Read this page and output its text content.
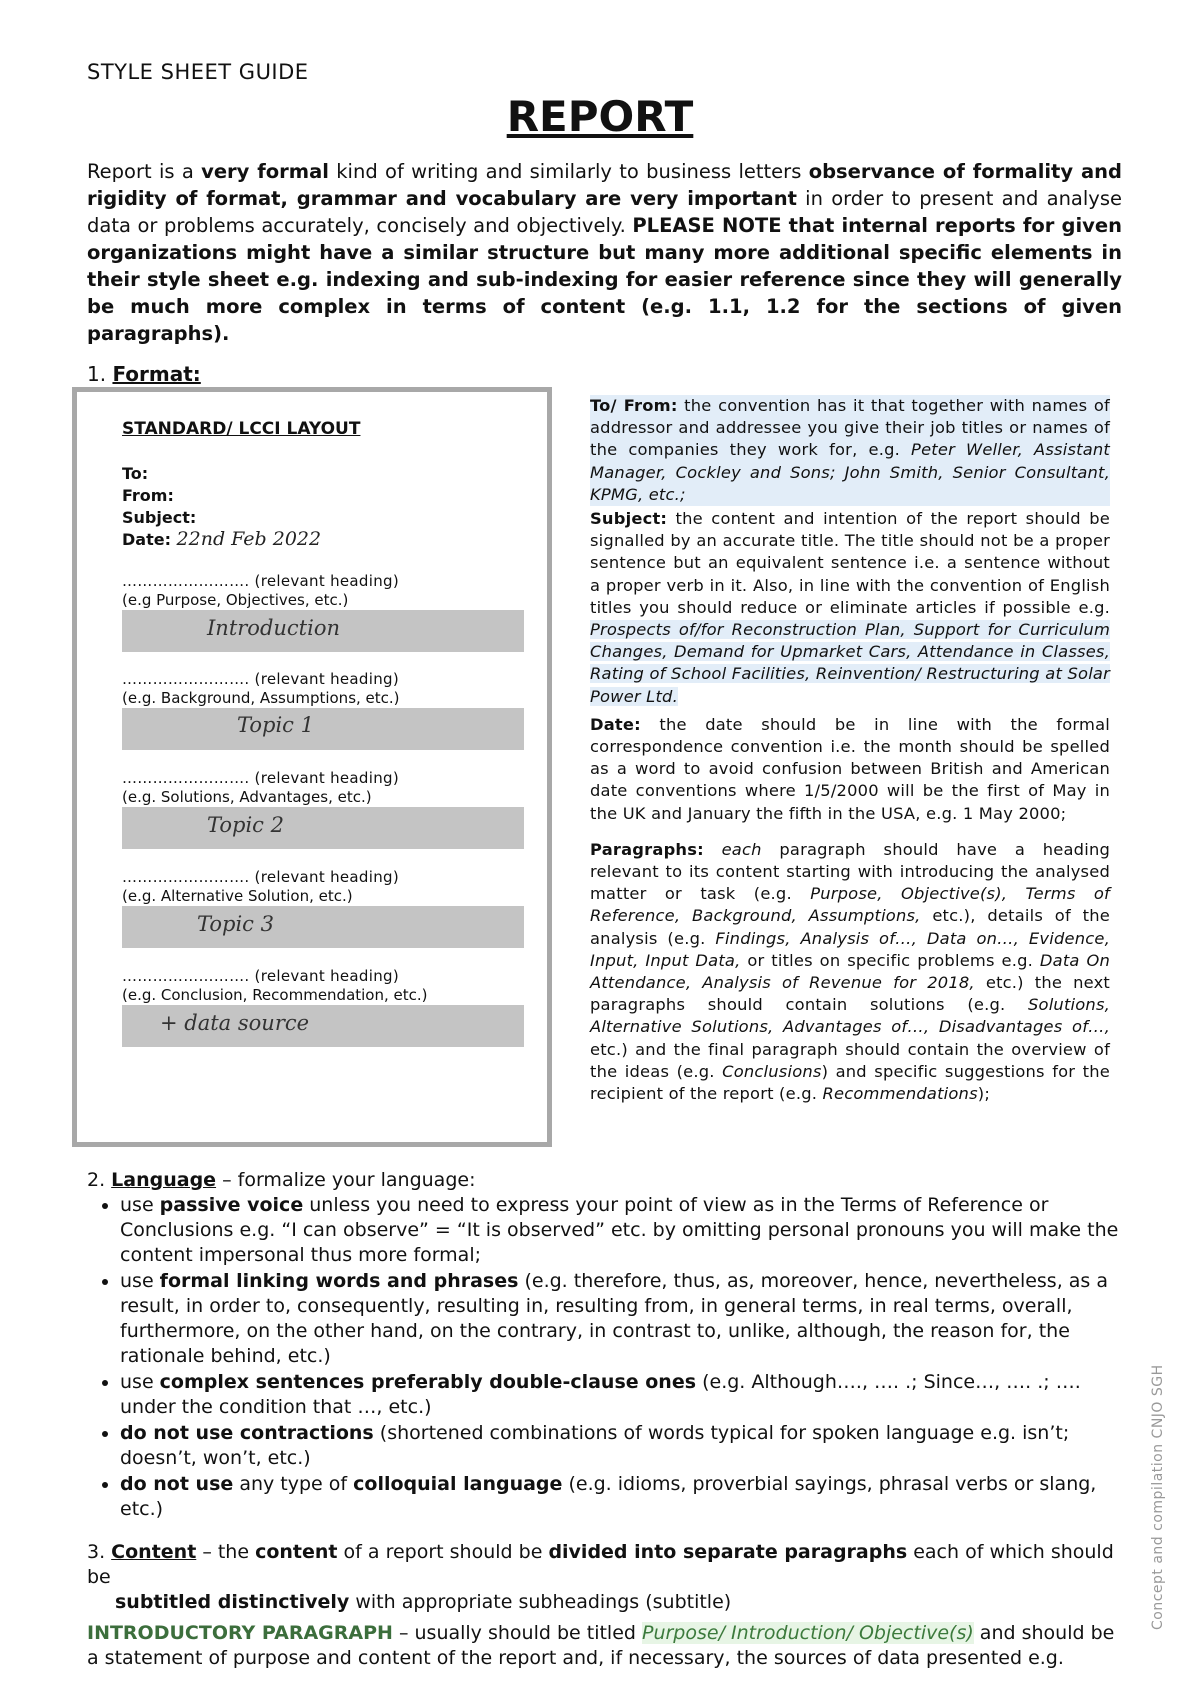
STYLE SHEET GUIDE
REPORT
Report is a very formal kind of writing and similarly to business letters observance of formality and rigidity of format, grammar and vocabulary are very important in order to present and analyse data or problems accurately, concisely and objectively. PLEASE NOTE that internal reports for given organizations might have a similar structure but many more additional specific elements in their style sheet e.g. indexing and sub-indexing for easier reference since they will generally be much more complex in terms of content (e.g. 1.1, 1.2 for the sections of given paragraphs).
1. Format:
STANDARD/ LCCI LAYOUT
To:
From:
Subject:
Date: 22nd Feb 2022
……………………. (relevant heading)
(e.g Purpose, Objectives, etc.)
Introduction
……………………. (relevant heading)
(e.g. Background, Assumptions, etc.)
Topic 1
……………………. (relevant heading)
(e.g. Solutions, Advantages, etc.)
Topic 2
……………………. (relevant heading)
(e.g. Alternative Solution, etc.)
Topic 3
……………………. (relevant heading)
(e.g. Conclusion, Recommendation, etc.)
+ data source

To/ From: the convention has it that together with names of addressor and addressee you give their job titles or names of the companies they work for, e.g. Peter Weller, Assistant Manager, Cockley and Sons; John Smith, Senior Consultant, KPMG, etc.;

Subject: the content and intention of the report should be signalled by an accurate title. The title should not be a proper sentence but an equivalent sentence i.e. a sentence without a proper verb in it. Also, in line with the convention of English titles you should reduce or eliminate articles if possible e.g. Prospects of/for Reconstruction Plan, Support for Curriculum Changes, Demand for Upmarket Cars, Attendance in Classes, Rating of School Facilities, Reinvention/ Restructuring at Solar Power Ltd.

Date: the date should be in line with the formal correspondence convention i.e. the month should be spelled as a word to avoid confusion between British and American date conventions where 1/5/2000 will be the first of May in the UK and January the fifth in the USA, e.g. 1 May 2000;

Paragraphs: each paragraph should have a heading relevant to its content starting with introducing the analysed matter or task (e.g. Purpose, Objective(s), Terms of Reference, Background, Assumptions, etc.), details of the analysis (e.g. Findings, Analysis of…, Data on…, Evidence, Input, Input Data, or titles on specific problems e.g. Data On Attendance, Analysis of Revenue for 2018, etc.) the next paragraphs should contain solutions (e.g. Solutions, Alternative Solutions, Advantages of…, Disadvantages of…, etc.) and the final paragraph should contain the overview of the ideas (e.g. Conclusions) and specific suggestions for the recipient of the report (e.g. Recommendations);

2. Language – formalize your language:
• use passive voice unless you need to express your point of view as in the Terms of Reference or Conclusions e.g. “I can observe” = “It is observed” etc. by omitting personal pronouns you will make the content impersonal thus more formal;
• use formal linking words and phrases (e.g. therefore, thus, as, moreover, hence, nevertheless, as a result, in order to, consequently, resulting in, resulting from, in general terms, in real terms, overall, furthermore, on the other hand, on the contrary, in contrast to, unlike, although, the reason for, the rationale behind, etc.)
• use complex sentences preferably double-clause ones (e.g. Although…., …. .; Since…, …. .; …. under the condition that …, etc.)
• do not use contractions (shortened combinations of words typical for spoken language e.g. isn’t; doesn’t, won’t, etc.)
• do not use any type of colloquial language (e.g. idioms, proverbial sayings, phrasal verbs or slang, etc.)
3. Content – the content of a report should be divided into separate paragraphs each of which should be
subtitled distinctively with appropriate subheadings (subtitle)
INTRODUCTORY PARAGRAPH – usually should be titled Purpose/ Introduction/ Objective(s) and should be a statement of purpose and content of the report and, if necessary, the sources of data presented e.g.
Concept and compilation CNJO SGH
